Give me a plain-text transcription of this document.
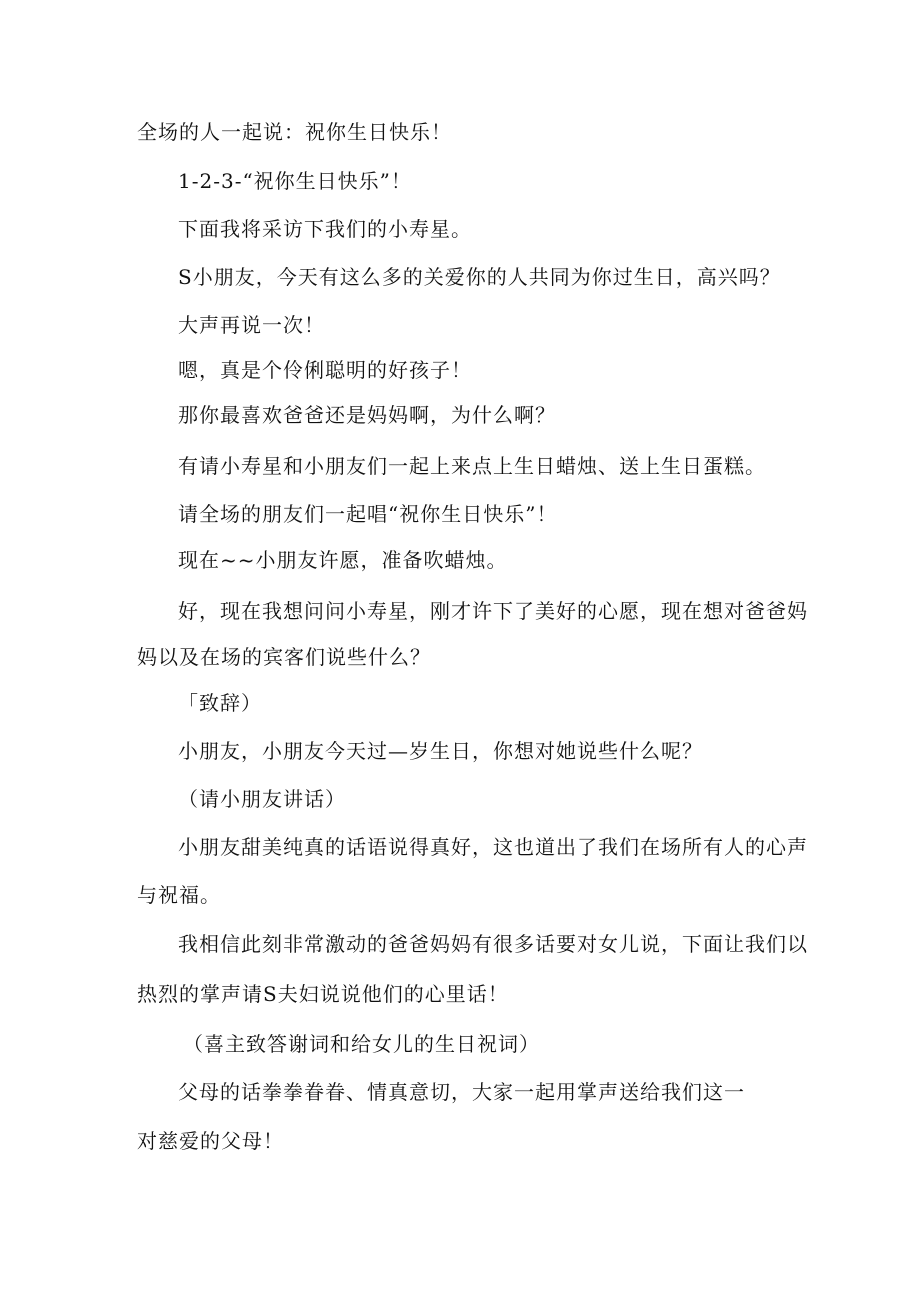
全场的人一起说：祝你生日快乐！
1-2-3-“祝你生日快乐”！
下面我将采访下我们的小寿星。
S小朋友，今天有这么多的关爱你的人共同为你过生日，高兴吗？
大声再说一次！
嗯，真是个伶俐聪明的好孩子！
那你最喜欢爸爸还是妈妈啊，为什么啊？
有请小寿星和小朋友们一起上来点上生日蜡烛、送上生日蛋糕。
请全场的朋友们一起唱“祝你生日快乐”！
现在~~小朋友许愿，准备吹蜡烛。
好，现在我想问问小寿星，刚才许下了美好的心愿，现在想对爸爸妈
妈以及在场的宾客们说些什么？
「致辞）
小朋友，小朋友今天过—岁生日，你想对她说些什么呢？
（请小朋友讲话）
小朋友甜美纯真的话语说得真好，这也道出了我们在场所有人的心声
与祝福。
我相信此刻非常激动的爸爸妈妈有很多话要对女儿说，下面让我们以
热烈的掌声请S夫妇说说他们的心里话！
（喜主致答谢词和给女儿的生日祝词）
父母的话拳拳眷眷、情真意切，大家一起用掌声送给我们这一
对慈爱的父母！
